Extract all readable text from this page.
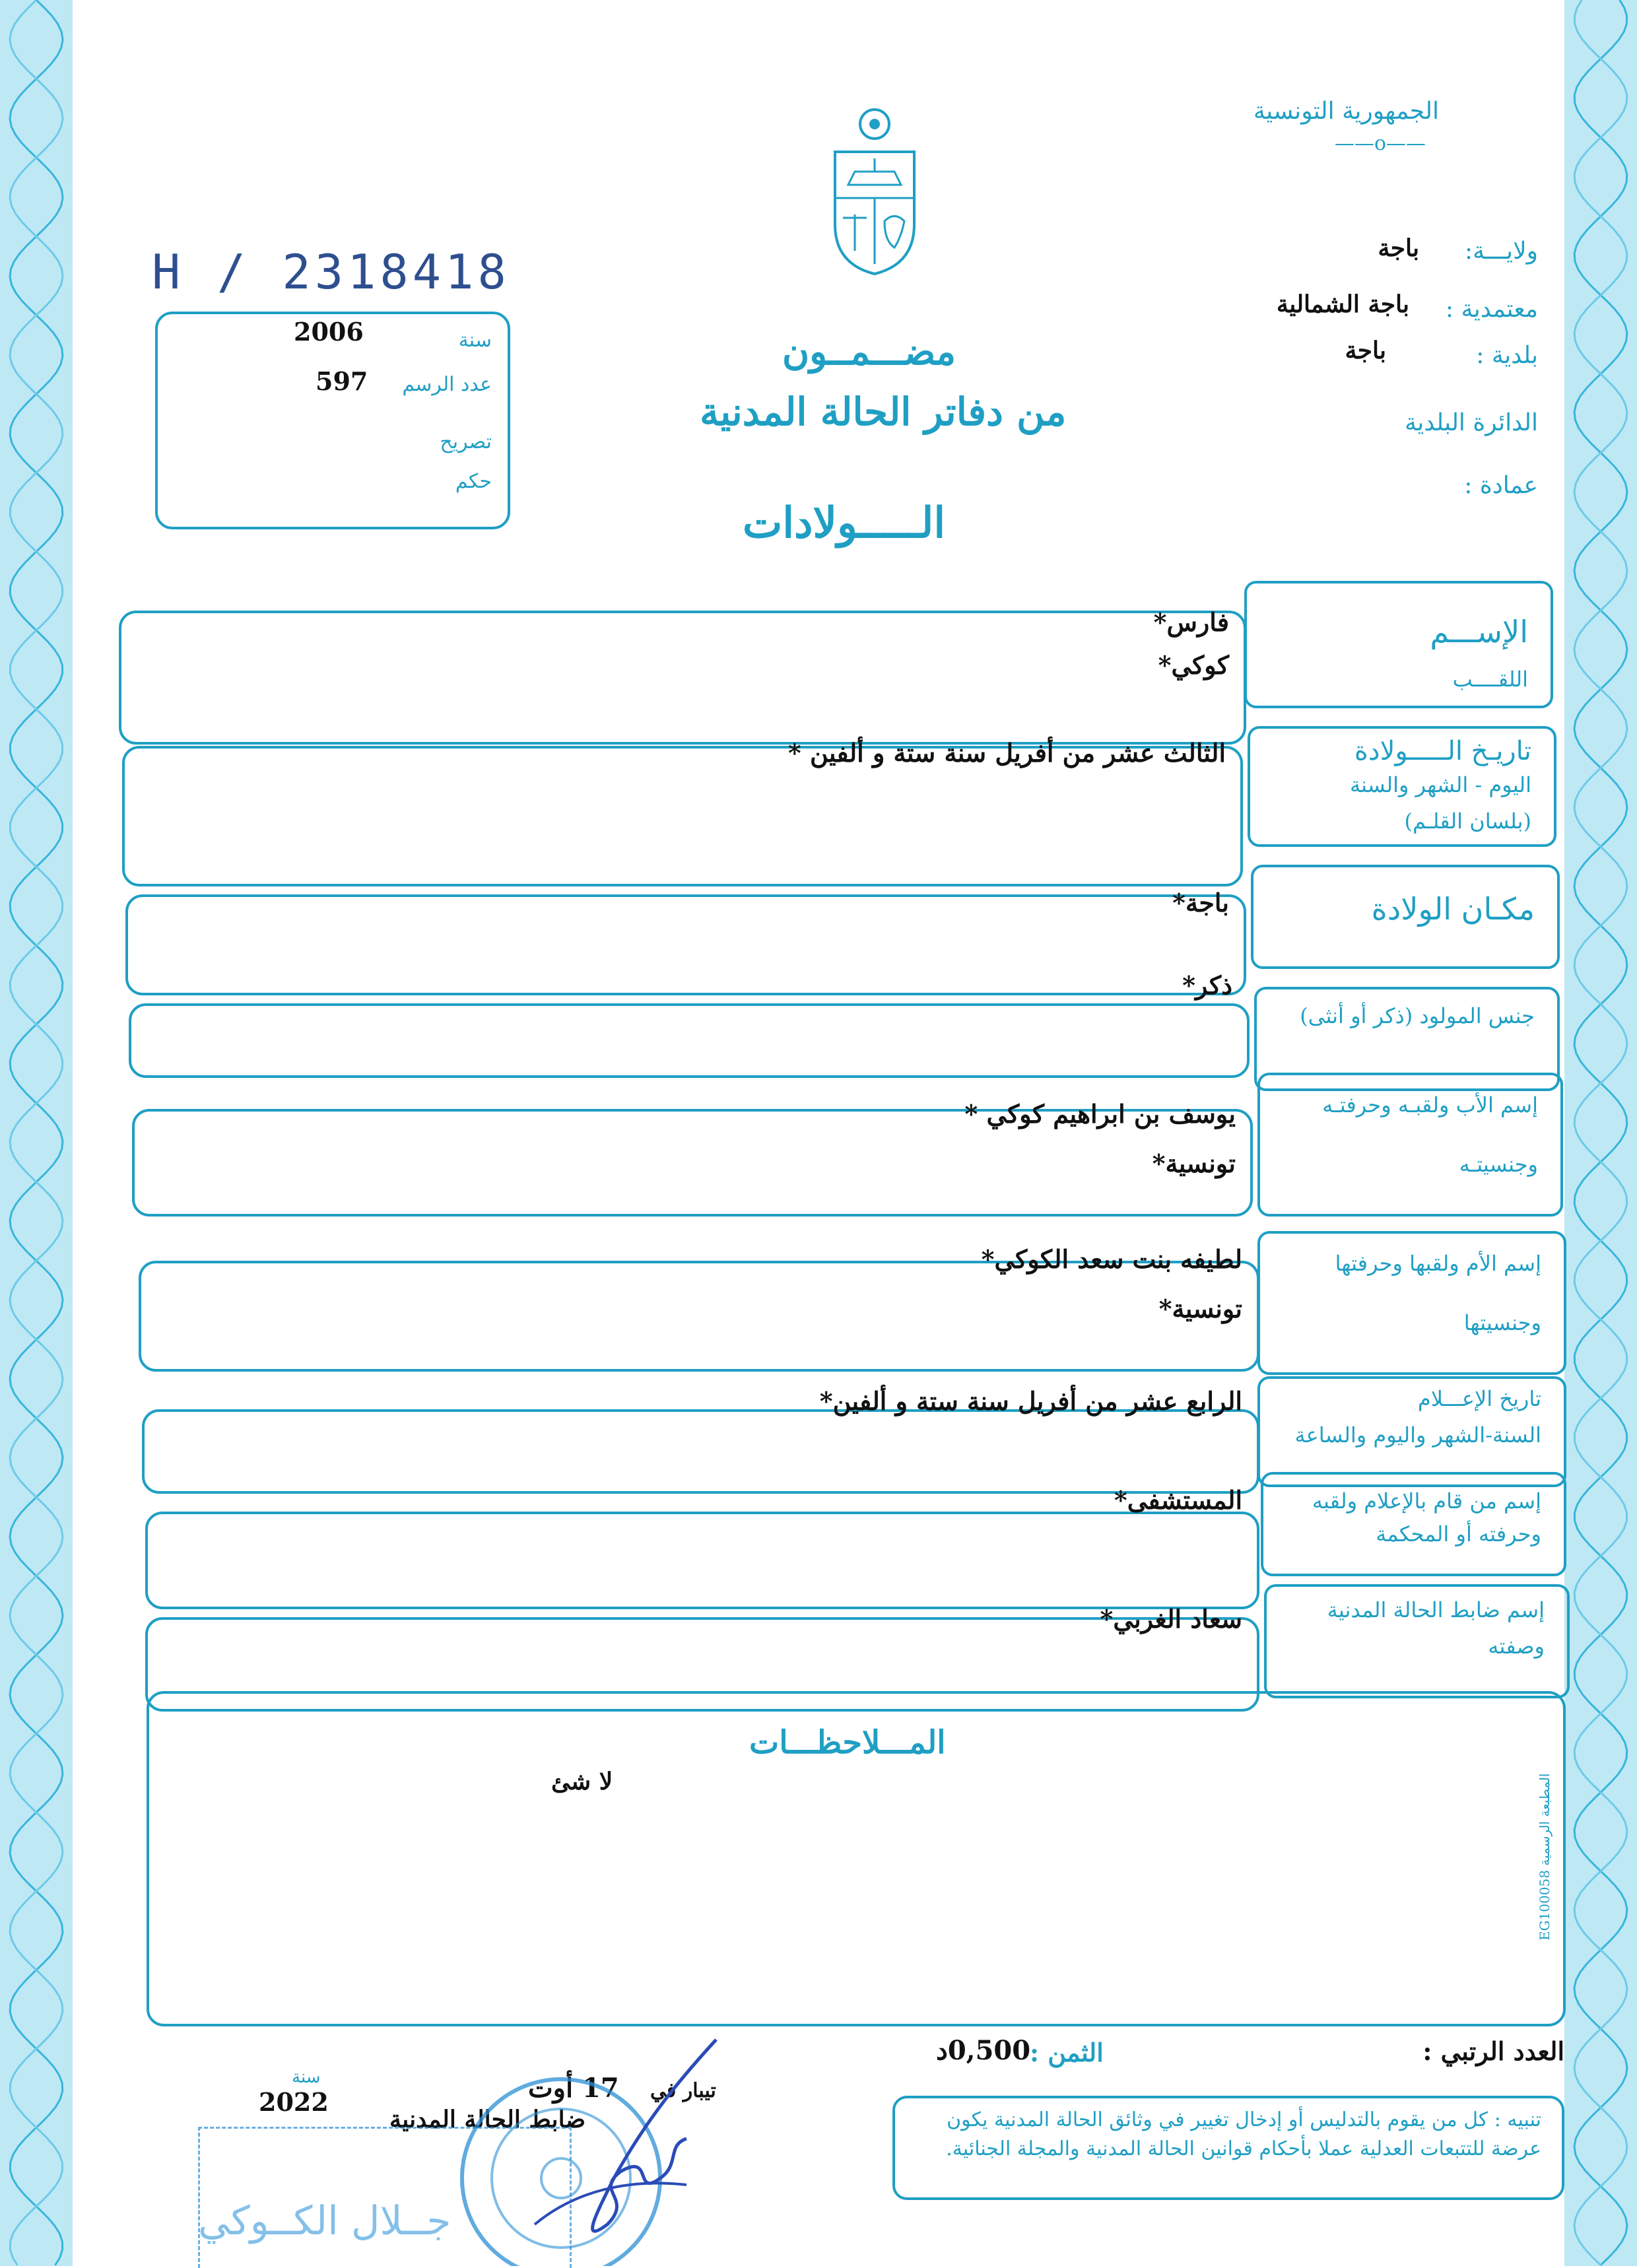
الجمهورية التونسية
——o——
ولايـــة:
باجة
معتمدية :
باجة الشمالية
بلدية :
باجة
الدائرة البلدية
عمادة :
H / 2318418
سنة
2006
عدد الرسم
597
تصريح
حكم
مضـــمــون
من دفاتر الحالة المدنية
الـــــولادات
الإســـم
اللقــــب
فارس*
كوكي*
تاريـخ الـــــولادة
اليوم - الشهر والسنة
(بلسان القلـم)
الثالث عشر من أفريل سنة ستة و ألفين *
مكـان الولادة
باجة*
جنس المولود (ذكر أو أنثى)
ذكر*
إسم الأب ولقبـه وحرفتـه
وجنسيتـه
يوسف بن ابراهيم كوكي *
تونسية*
إسم الأم ولقبها وحرفتها
وجنسيتها
لطيفه بنت سعد الكوكي*
تونسية*
تاريخ الإعـــلام
السنة-الشهر واليوم والساعة
الرابع عشر من أفريل سنة ستة و ألفين*
إسم من قام بالإعلام ولقبه
وحرفته أو المحكمة
المستشفى*
إسم ضابط الحالة المدنية
وصفته
سعاد الغربي*
المـــلاحظـــات
لا شئ
المطبعة الرسمية EG100058
العدد الرتبي :
الثمن :
0,500د
سنة
2022	تيبار في
17 أوت
ضابط الحالة المدنية
جــلال الكــوكي
تنبيه : كل من يقوم بالتدليس أو إدخال تغيير في وثائق الحالة المدنية يكون عرضة للتتبعات العدلية عملا بأحكام قوانين الحالة المدنية والمجلة الجنائية.
